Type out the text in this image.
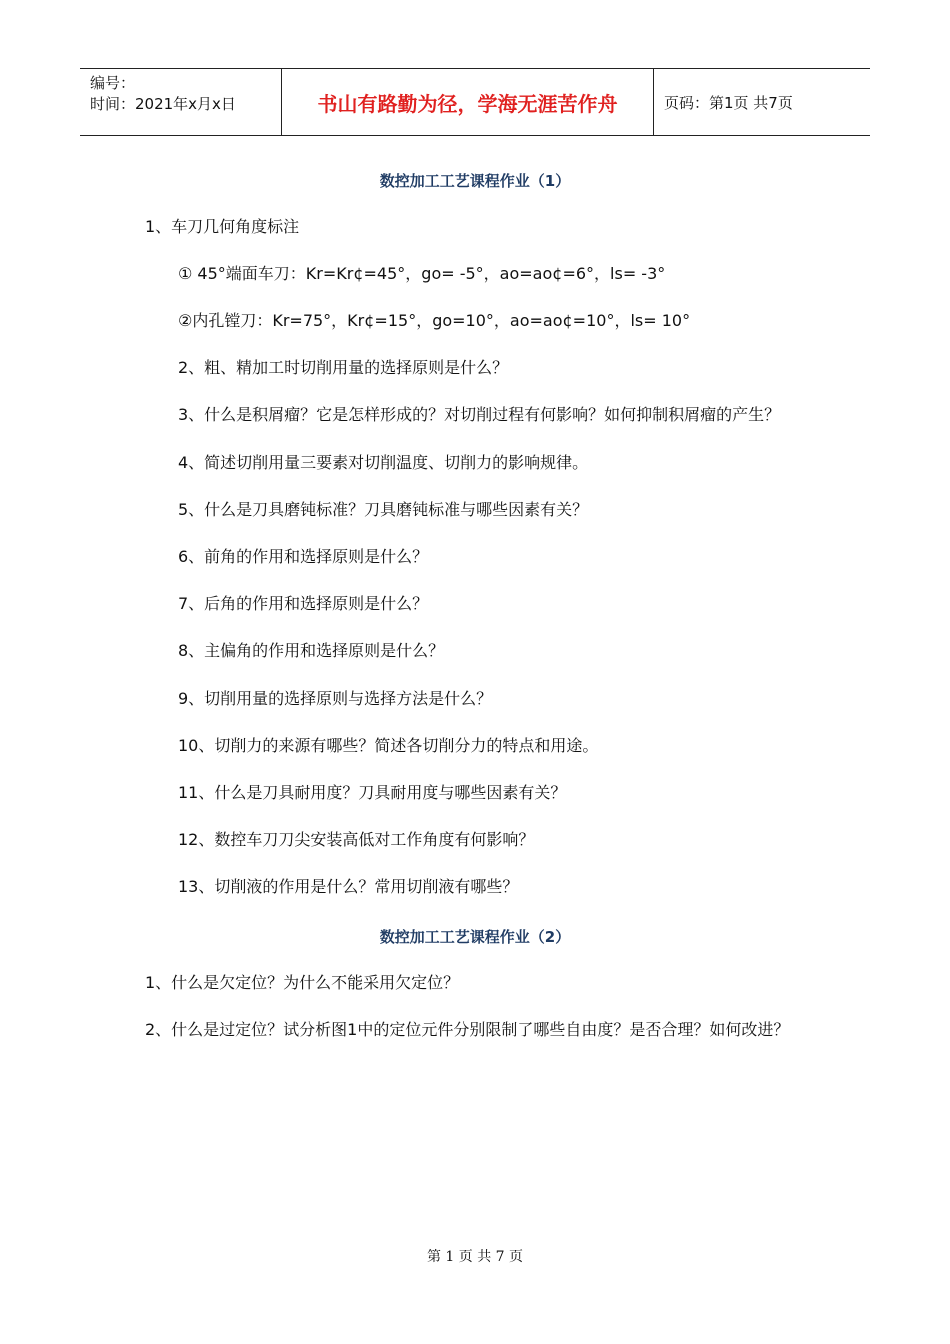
编号：
时间：2021年x月x日	书山有路勤为径，学海无涯苦作舟	页码：第1页 共7页
数控加工工艺课程作业（1）
1、车刀几何角度标注
① 45°端面车刀：Kr=Kr¢=45°，go= -5°，ao=ao¢=6°，ls= -3°
②内孔镗刀：Kr=75°，Kr¢=15°，go=10°，ao=ao¢=10°，ls= 10°
2、粗、精加工时切削用量的选择原则是什么？
3、什么是积屑瘤？它是怎样形成的？对切削过程有何影响？如何抑制积屑瘤的产生？
4、简述切削用量三要素对切削温度、切削力的影响规律。
5、什么是刀具磨钝标准？刀具磨钝标准与哪些因素有关？
6、前角的作用和选择原则是什么？
7、后角的作用和选择原则是什么？
8、主偏角的作用和选择原则是什么？
9、切削用量的选择原则与选择方法是什么？
10、切削力的来源有哪些？简述各切削分力的特点和用途。
11、什么是刀具耐用度？刀具耐用度与哪些因素有关？
12、数控车刀刀尖安装高低对工作角度有何影响？
13、切削液的作用是什么？常用切削液有哪些？
数控加工工艺课程作业（2）
1、什么是欠定位？为什么不能采用欠定位？
2、什么是过定位？试分析图1中的定位元件分别限制了哪些自由度？是否合理？如何改进？
第 1 页 共 7 页
